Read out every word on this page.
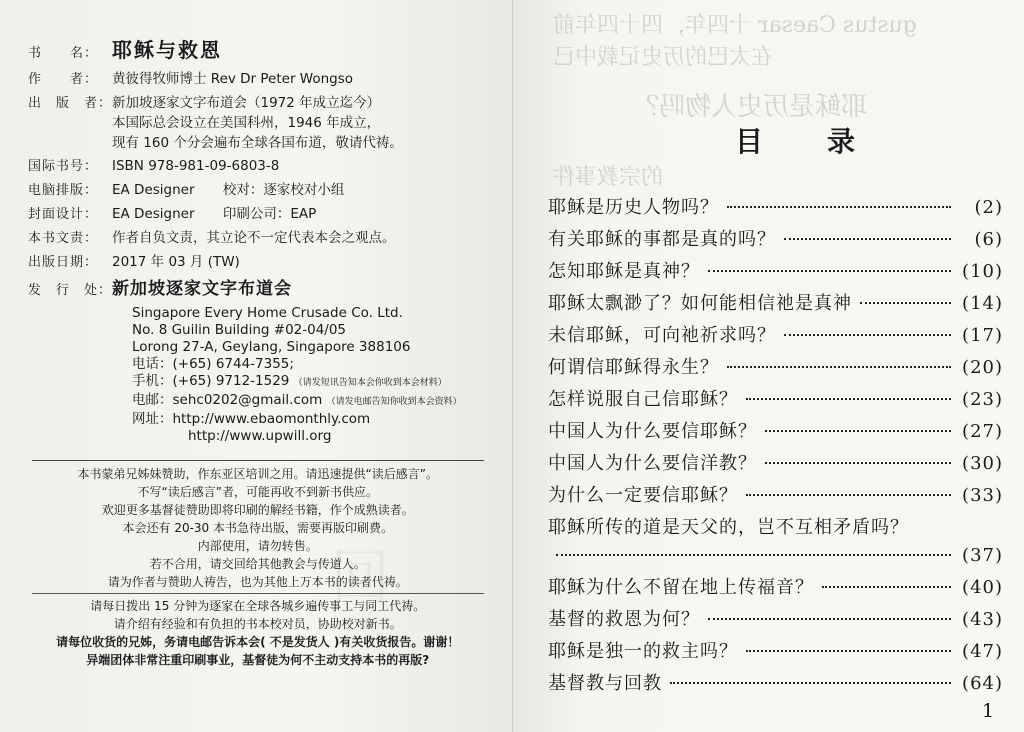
回
书　　名： 耶稣与救恩
作　　者：	黄彼得牧师博士 Rev Dr Peter Wongso
出　版　者： 新加坡逐家文字布道会（1972 年成立迄今）
本国际总会设立在美国科州，1946 年成立，
现有 160 个分会遍布全球各国布道，敬请代祷。
国际书号：	ISBN 978-981-09-6803-8
电脑排版：	EA Designer 校对：逐家校对小组
封面设计：	EA Designer 印刷公司：EAP
本书文责：	作者自负文责，其立论不一定代表本会之观点。
出版日期：	2017 年 03 月 (TW)
发　行　处： 新加坡逐家文字布道会
Singapore Every Home Crusade Co. Ltd.
No. 8 Guilin Building #02-04/05
Lorong 27-A, Geylang, Singapore 388106
电话：(+65) 6744-7355;
手机：(+65) 9712-1529 （请发短讯告知本会你收到本会材料）
电邮：sehc0202@gmail.com （请发电邮告知你收到本会资料）
网址：http://www.ebaomonthly.com
http://www.upwill.org
本书蒙弟兄姊妹赞助，作东亚区培训之用。请迅速提供“读后感言”。
不写“读后感言”者，可能再收不到新书供应。
欢迎更多基督徒赞助即将印刷的解经书籍，作个成熟读者。
本会还有 20-30 本书急待出版，需要再版印刷费。
内部使用，请勿转售。
若不合用，请交回给其他教会与传道人。
请为作者与赞助人祷告，也为其他上万本书的读者代祷。
请每日拨出 15 分钟为逐家在全球各城乡遍传事工与同工代祷。
请介绍有经验和有负担的书本校对员，协助校对新书。
请每位收货的兄姊，务请电邮告诉本会( 不是发货人 )有关收货报告。谢谢！
异端团体非常注重印刷事业，基督徒为何不主动支持本书的再版?
gustus Caesar 十四年，四十四年前
在太巴的历史记载中已
耶稣是历史人物吗？
的宗教事件
目　录
耶稣是历史人物吗？	(2)
有关耶稣的事都是真的吗？	(6)
怎知耶稣是真神？	(10)
耶稣太飘渺了？如何能相信祂是真神	(14)
未信耶稣，可向祂祈求吗？	(17)
何谓信耶稣得永生？	(20)
怎样说服自己信耶稣？	(23)
中国人为什么要信耶稣？	(27)
中国人为什么要信洋教？	(30)
为什么一定要信耶稣？	(33)
耶稣所传的道是天父的，岂不互相矛盾吗？
(37)
耶稣为什么不留在地上传福音？	(40)
基督的救恩为何？	(43)
耶稣是独一的救主吗？	(47)
基督教与回教	(64)
1
